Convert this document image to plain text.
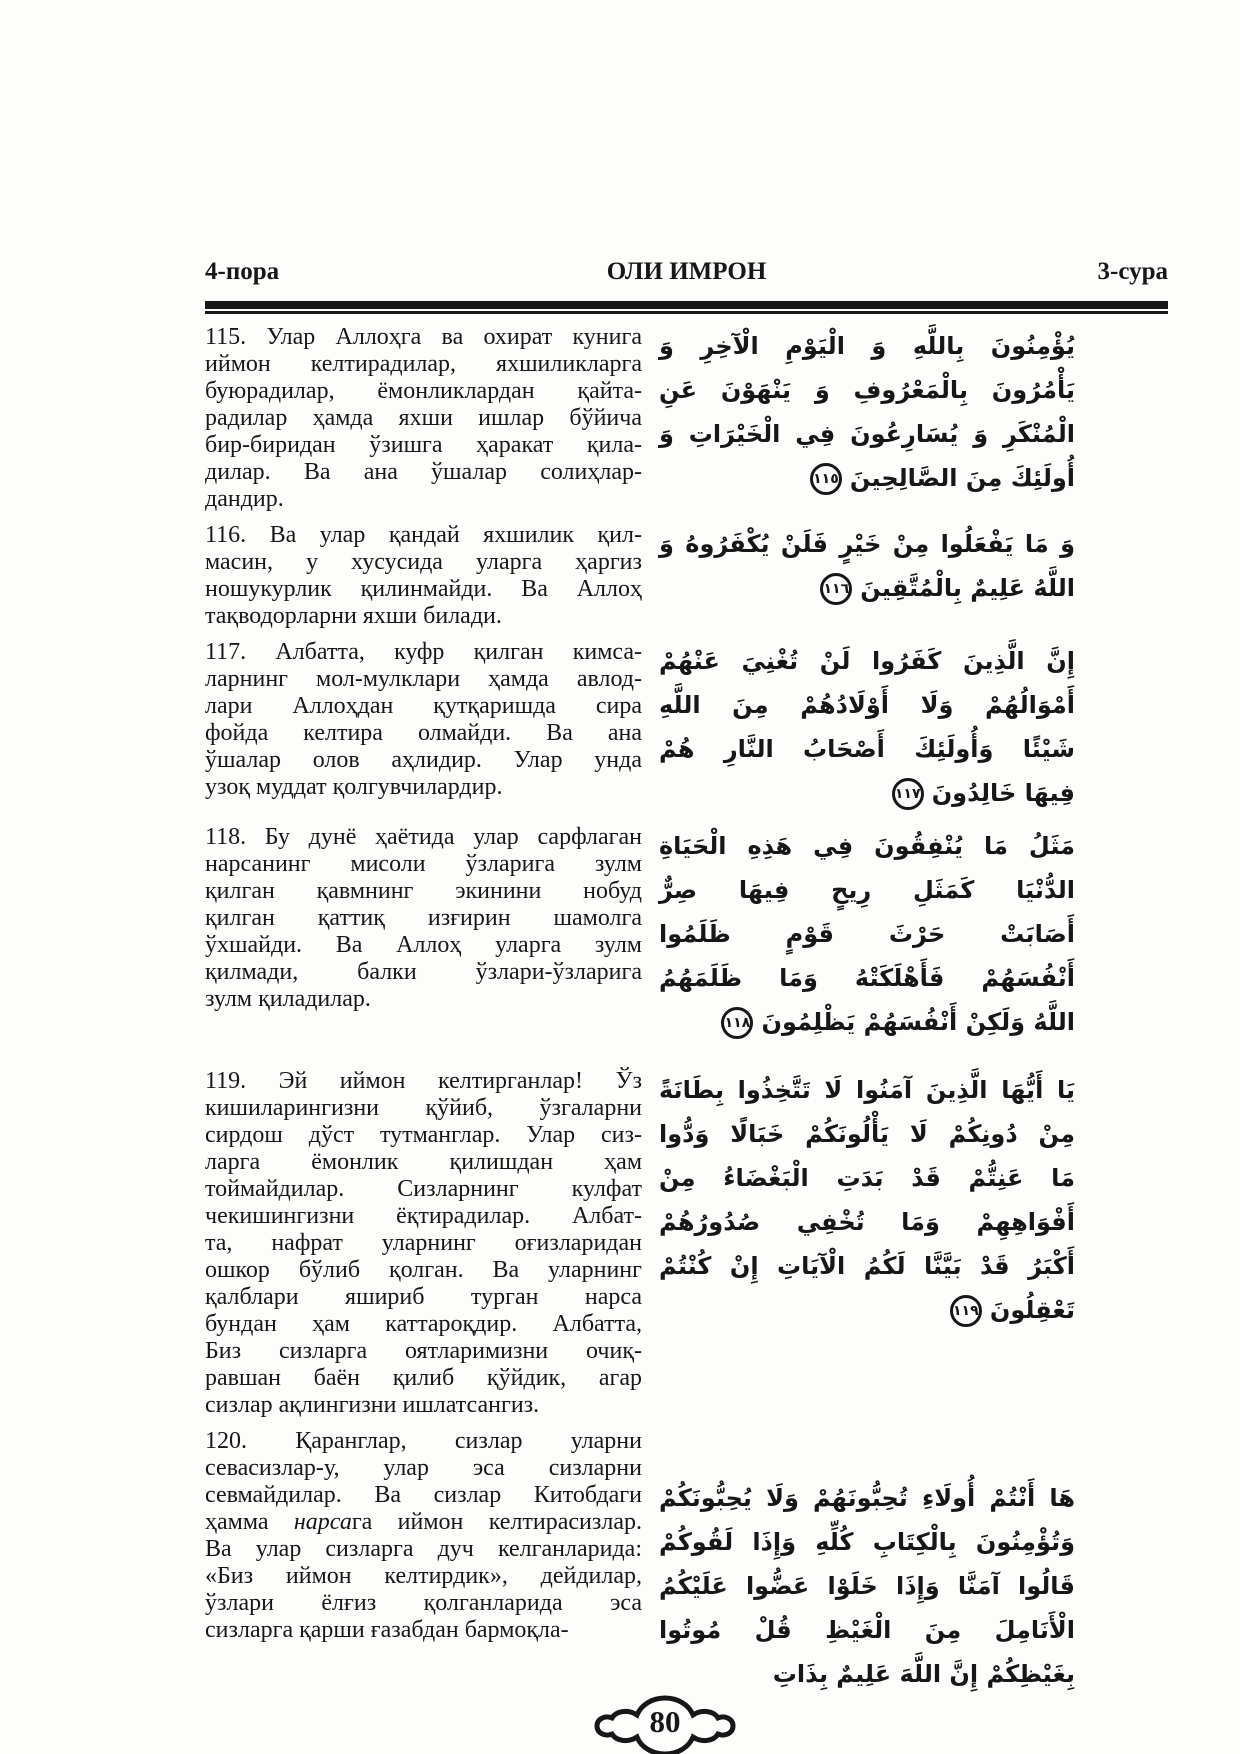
4-пора	ОЛИ ИМРОН	3-сура
115. Улар Аллоҳга ва охират кунига
иймон келтирадилар, яхшиликларга
буюрадилар, ёмонликлардан қайта-
радилар ҳамда яхши ишлар бўйича
бир-биридан ўзишга ҳаракат қила-
дилар. Ва ана ўшалар солиҳлар-
дандир.
يُؤْمِنُونَ بِاللَّهِ وَ الْيَوْمِ الْآخِرِ وَ
يَأْمُرُونَ بِالْمَعْرُوفِ وَ يَنْهَوْنَ عَنِ
الْمُنْكَرِ وَ يُسَارِعُونَ فِي الْخَيْرَاتِ وَ
أُولَئِكَ مِنَ الصَّالِحِينَ١١٥
116. Ва улар қандай яхшилик қил-
масин, у хусусида уларга ҳаргиз
ношукурлик қилинмайди. Ва Аллоҳ
тақводорларни яхши билади.
وَ مَا يَفْعَلُوا مِنْ خَيْرٍ فَلَنْ يُكْفَرُوهُ وَ
اللَّهُ عَلِيمٌ بِالْمُتَّقِينَ١١٦
117. Албатта, куфр қилган кимса-
ларнинг мол-мулклари ҳамда авлод-
лари Аллоҳдан қутқаришда сира
фойда келтира олмайди. Ва ана
ўшалар олов аҳлидир. Улар унда
узоқ муддат қолгувчилардир.
إِنَّ الَّذِينَ كَفَرُوا لَنْ تُغْنِيَ عَنْهُمْ
أَمْوَالُهُمْ وَلَا أَوْلَادُهُمْ مِنَ اللَّهِ
شَيْئًا وَأُولَئِكَ أَصْحَابُ النَّارِ هُمْ
فِيهَا خَالِدُونَ١١٧
118. Бу дунё ҳаётида улар сарфлаган
нарсанинг мисоли ўзларига зулм
қилган қавмнинг экинини нобуд
қилган қаттиқ изғирин шамолга
ўхшайди. Ва Аллоҳ уларга зулм
қилмади, балки ўзлари-ўзларига
зулм қиладилар.
مَثَلُ مَا يُنْفِقُونَ فِي هَذِهِ الْحَيَاةِ
الدُّنْيَا كَمَثَلِ رِيحٍ فِيهَا صِرٌّ
أَصَابَتْ حَرْثَ قَوْمٍ ظَلَمُوا
أَنْفُسَهُمْ فَأَهْلَكَتْهُ وَمَا ظَلَمَهُمُ
اللَّهُ وَلَكِنْ أَنْفُسَهُمْ يَظْلِمُونَ١١٨
119. Эй иймон келтирганлар! Ўз
кишиларингизни қўйиб, ўзгаларни
сирдош дўст тутманглар. Улар сиз-
ларга ёмонлик қилишдан ҳам
тоймайдилар. Сизларнинг кулфат
чекишингизни ёқтирадилар. Албат-
та, нафрат уларнинг оғизларидан
ошкор бўлиб қолган. Ва уларнинг
қалблари яшириб турган нарса
бундан ҳам каттароқдир. Албатта,
Биз сизларга оятларимизни очиқ-
равшан баён қилиб қўйдик, агар
сизлар ақлингизни ишлатсангиз.
يَا أَيُّهَا الَّذِينَ آمَنُوا لَا تَتَّخِذُوا بِطَانَةً
مِنْ دُونِكُمْ لَا يَأْلُونَكُمْ خَبَالًا وَدُّوا
مَا عَنِتُّمْ قَدْ بَدَتِ الْبَغْضَاءُ مِنْ
أَفْوَاهِهِمْ وَمَا تُخْفِي صُدُورُهُمْ
أَكْبَرُ قَدْ بَيَّنَّا لَكُمُ الْآيَاتِ إِنْ كُنْتُمْ
تَعْقِلُونَ١١٩
120. Қаранглар, сизлар уларни
севасизлар-у, улар эса сизларни
севмайдилар. Ва сизлар Китобдаги
ҳамма нарсага иймон келтирасизлар.
Ва улар сизларга дуч келганларида:
«Биз иймон келтирдик», дейдилар,
ўзлари ёлғиз қолганларида эса
сизларга қарши ғазабдан бармоқла-
هَا أَنْتُمْ أُولَاءِ تُحِبُّونَهُمْ وَلَا يُحِبُّونَكُمْ
وَتُؤْمِنُونَ بِالْكِتَابِ كُلِّهِ وَإِذَا لَقُوكُمْ
قَالُوا آمَنَّا وَإِذَا خَلَوْا عَضُّوا عَلَيْكُمُ
الْأَنَامِلَ مِنَ الْغَيْظِ قُلْ مُوتُوا
بِغَيْظِكُمْ إِنَّ اللَّهَ عَلِيمٌ بِذَاتِ
80
